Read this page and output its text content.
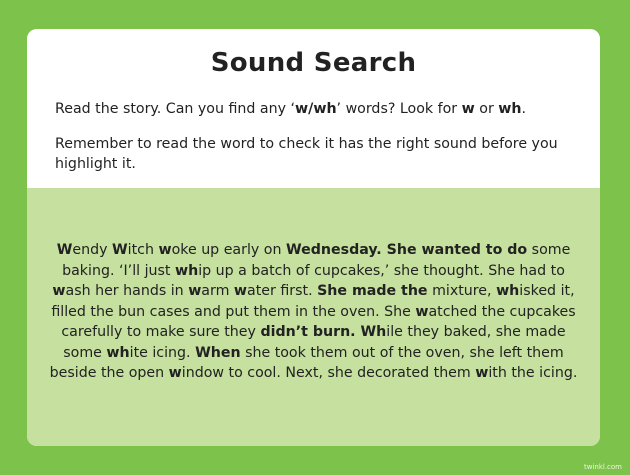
Sound Search
Read the story. Can you find any ‘w/wh’ words? Look for w or wh.
Remember to read the word to check it has the right sound before you highlight it.
Wendy Witch woke up early on Wednesday. She wanted to do some baking. ‘I’ll just whip up a batch of cupcakes,’ she thought. She had to wash her hands in warm water first. She made the mixture, whisked it, filled the bun cases and put them in the oven. She watched the cupcakes carefully to make sure they didn’t burn. While they baked, she made some white icing. When she took them out of the oven, she left them beside the open window to cool. Next, she decorated them with the icing.
twinkl.com
